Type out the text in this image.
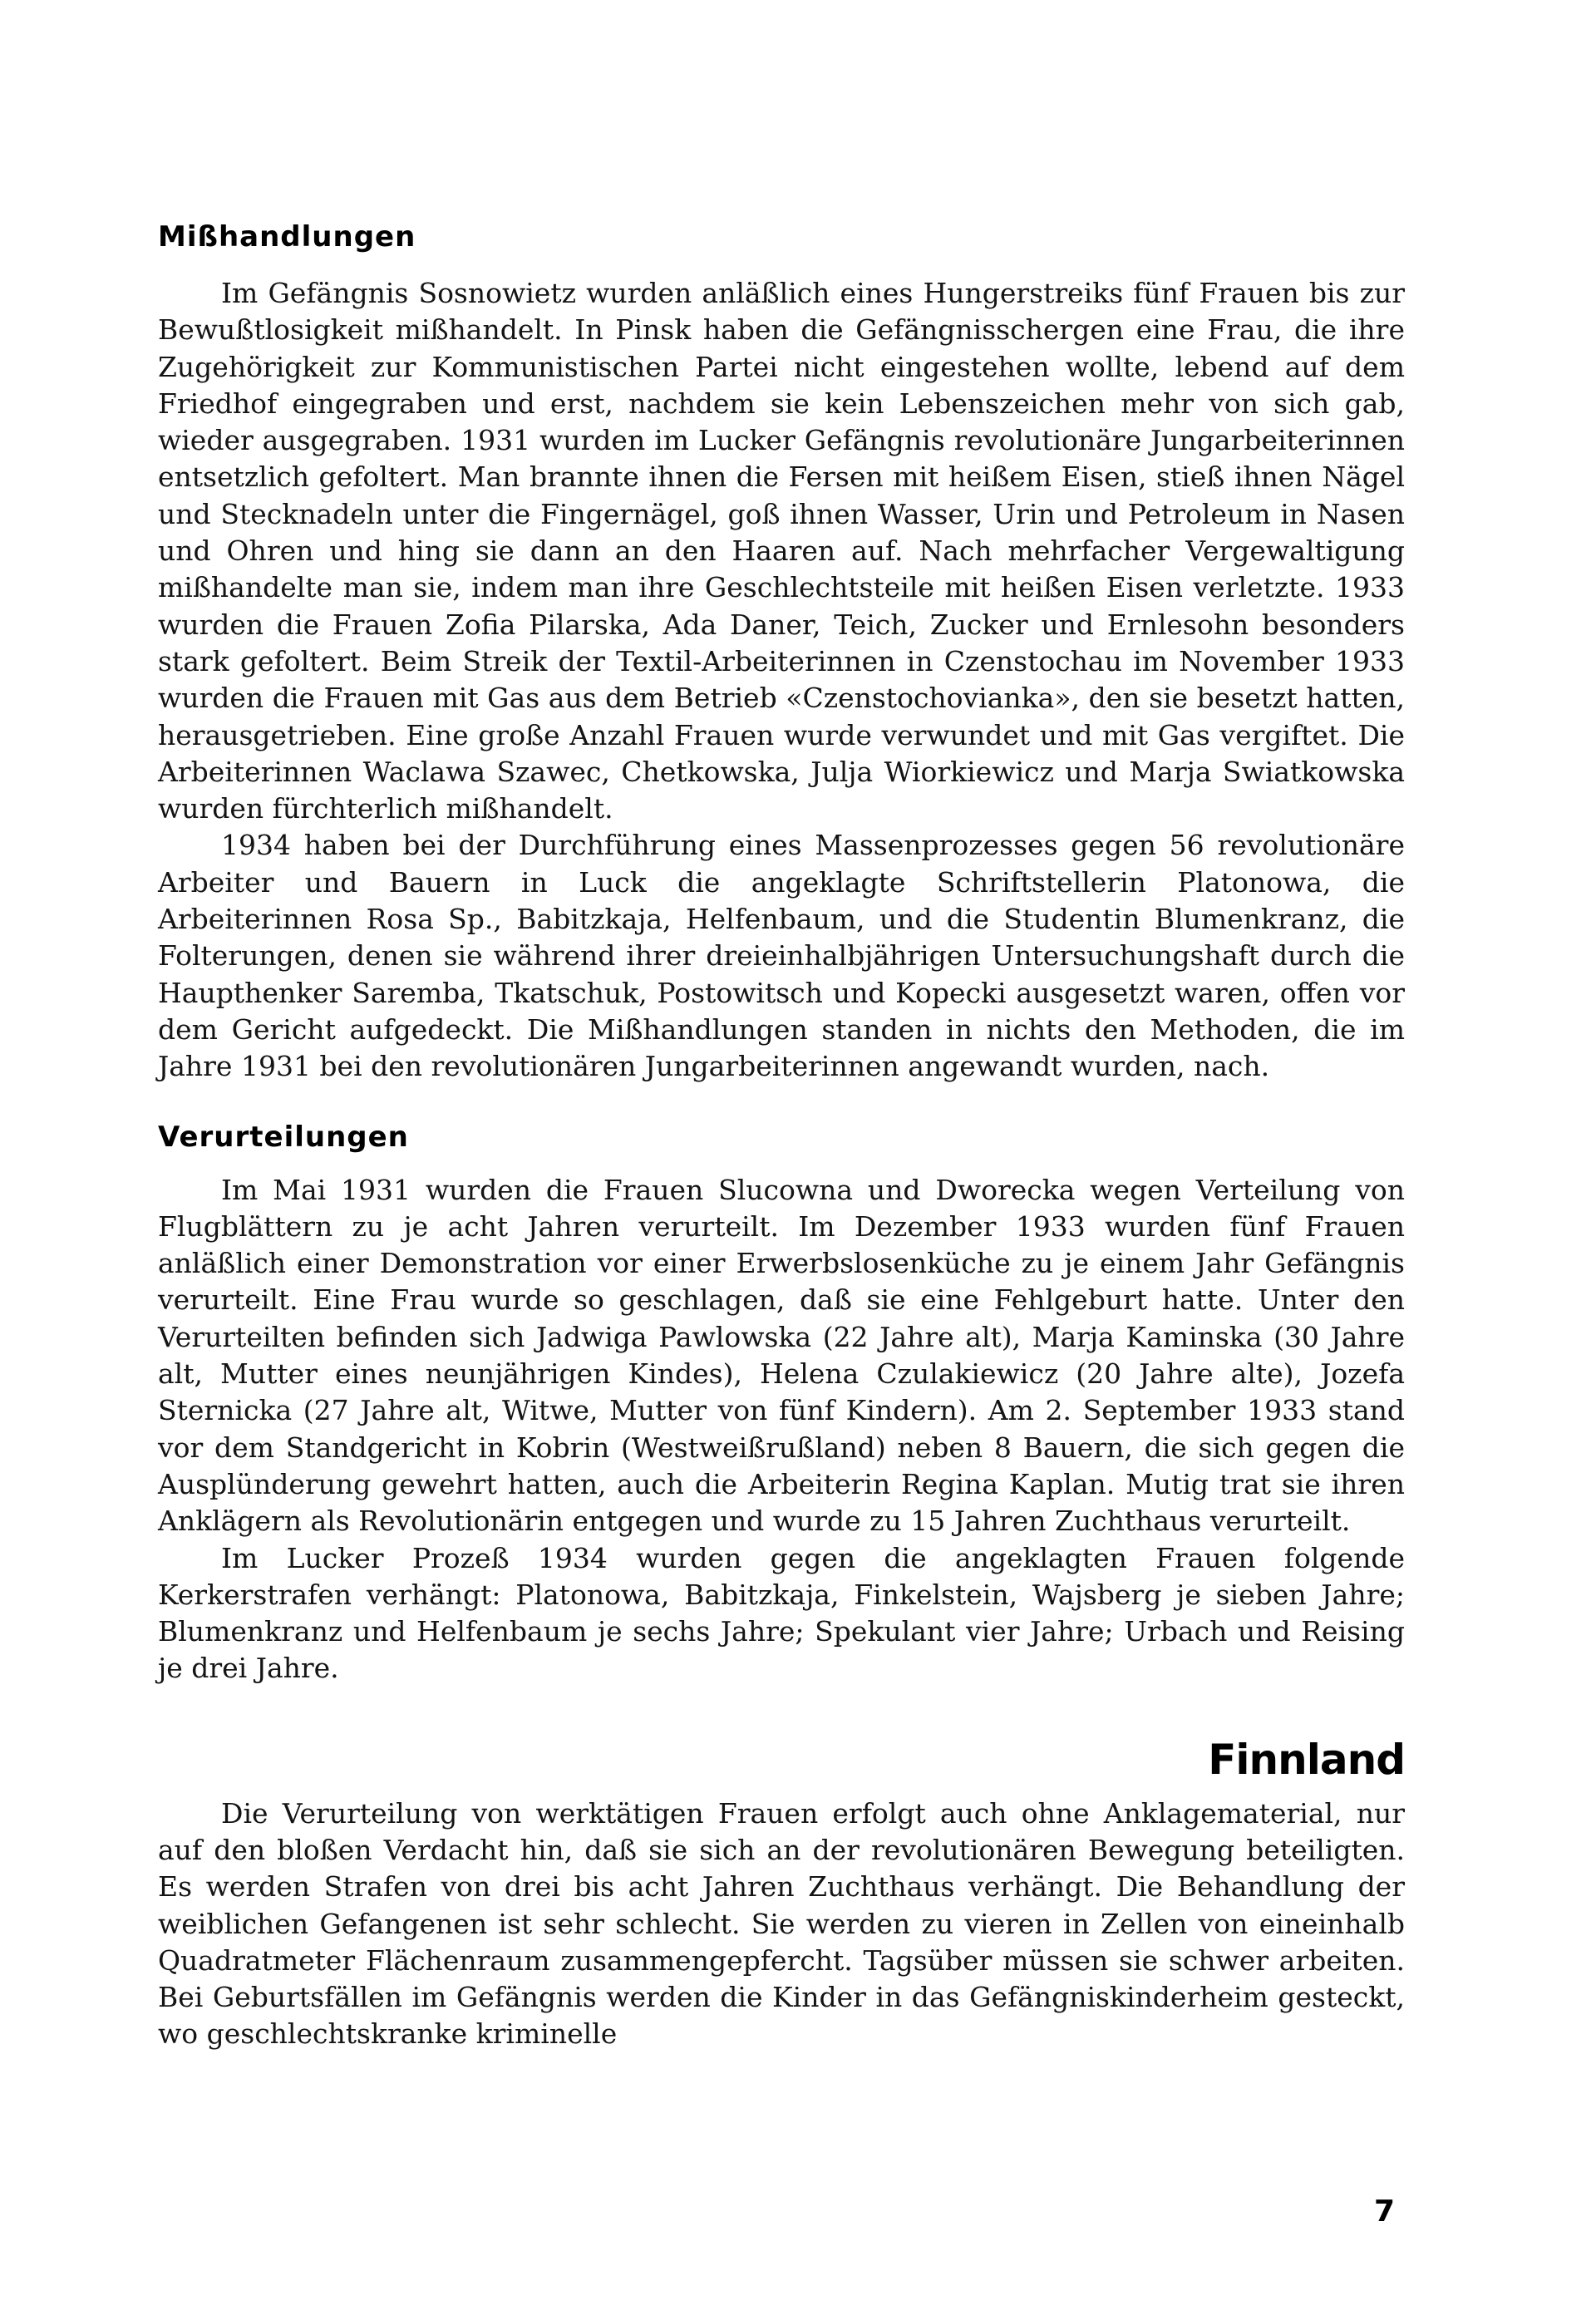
Mißhandlungen

Im Gefängnis Sosnowietz wurden anläßlich eines Hungerstreiks fünf Frauen bis zur Bewußtlosigkeit mißhandelt. In Pinsk haben die Gefängnisschergen eine Frau, die ihre Zugehörigkeit zur Kommunistischen Partei nicht eingestehen wollte, lebend auf dem Friedhof eingegraben und erst, nachdem sie kein Lebenszeichen mehr von sich gab, wieder ausgegraben. 1931 wurden im Lucker Gefängnis revolutionäre Jungarbeiterinnen entsetzlich gefoltert. Man brannte ihnen die Fersen mit heißem Eisen, stieß ihnen Nägel und Stecknadeln unter die Fingernägel, goß ihnen Wasser, Urin und Petroleum in Nasen und Ohren und hing sie dann an den Haaren auf. Nach mehrfacher Vergewaltigung mißhandelte man sie, indem man ihre Geschlechtsteile mit heißen Eisen verletzte. 1933 wurden die Frauen Zofia Pilarska, Ada Daner, Teich, Zucker und Ernlesohn besonders stark gefoltert. Beim Streik der Textil-Arbeiterinnen in Czenstochau im November 1933 wurden die Frauen mit Gas aus dem Betrieb «Czenstochovianka», den sie besetzt hatten, herausgetrieben. Eine große Anzahl Frauen wurde verwundet und mit Gas vergiftet. Die Arbeiterinnen Waclawa Szawec, Chetkowska, Julja Wiorkiewicz und Marja Swiatkowska wurden fürchterlich mißhandelt.

1934 haben bei der Durchführung eines Massenprozesses gegen 56 revolutionäre Arbeiter und Bauern in Luck die angeklagte Schriftstellerin Platonowa, die Arbeiterinnen Rosa Sp., Babitzkaja, Helfenbaum, und die Studentin Blumenkranz, die Folterungen, denen sie während ihrer dreieinhalbjährigen Untersuchungshaft durch die Haupthenker Saremba, Tkatschuk, Postowitsch und Kopecki ausgesetzt waren, offen vor dem Gericht aufgedeckt. Die Mißhandlungen standen in nichts den Methoden, die im Jahre 1931 bei den revolutionären Jungarbeiterinnen angewandt wurden, nach.

Verurteilungen

Im Mai 1931 wurden die Frauen Slucowna und Dworecka wegen Verteilung von Flugblättern zu je acht Jahren verurteilt. Im Dezember 1933 wurden fünf Frauen anläßlich einer Demonstration vor einer Erwerbslosenküche zu je einem Jahr Gefängnis verurteilt. Eine Frau wurde so geschlagen, daß sie eine Fehlgeburt hatte. Unter den Verurteilten befinden sich Jadwiga Pawlowska (22 Jahre alt), Marja Kaminska (30 Jahre alt, Mutter eines neunjährigen Kindes), Helena Czulakiewicz (20 Jahre alte), Jozefa Sternicka (27 Jahre alt, Witwe, Mutter von fünf Kindern). Am 2. September 1933 stand vor dem Standgericht in Kobrin (Westweißrußland) neben 8 Bauern, die sich gegen die Ausplünderung gewehrt hatten, auch die Arbeiterin Regina Kaplan. Mutig trat sie ihren Anklägern als Revolutionärin entgegen und wurde zu 15 Jahren Zuchthaus verurteilt.

Im Lucker Prozeß 1934 wurden gegen die angeklagten Frauen folgende Kerkerstrafen verhängt: Platonowa, Babitzkaja, Finkelstein, Wajsberg je sieben Jahre; Blumenkranz und Helfenbaum je sechs Jahre; Spekulant vier Jahre; Urbach und Reising je drei Jahre.

Finnland

Die Verurteilung von werktätigen Frauen erfolgt auch ohne Anklagematerial, nur auf den bloßen Verdacht hin, daß sie sich an der revolutionären Bewegung beteiligten. Es werden Strafen von drei bis acht Jahren Zuchthaus verhängt. Die Behandlung der weiblichen Gefangenen ist sehr schlecht. Sie werden zu vieren in Zellen von eineinhalb Quadratmeter Flächenraum zusammengepfercht. Tagsüber müssen sie schwer arbeiten. Bei Geburtsfällen im Gefängnis werden die Kinder in das Gefängniskinderheim gesteckt, wo geschlechtskranke kriminelle

7
